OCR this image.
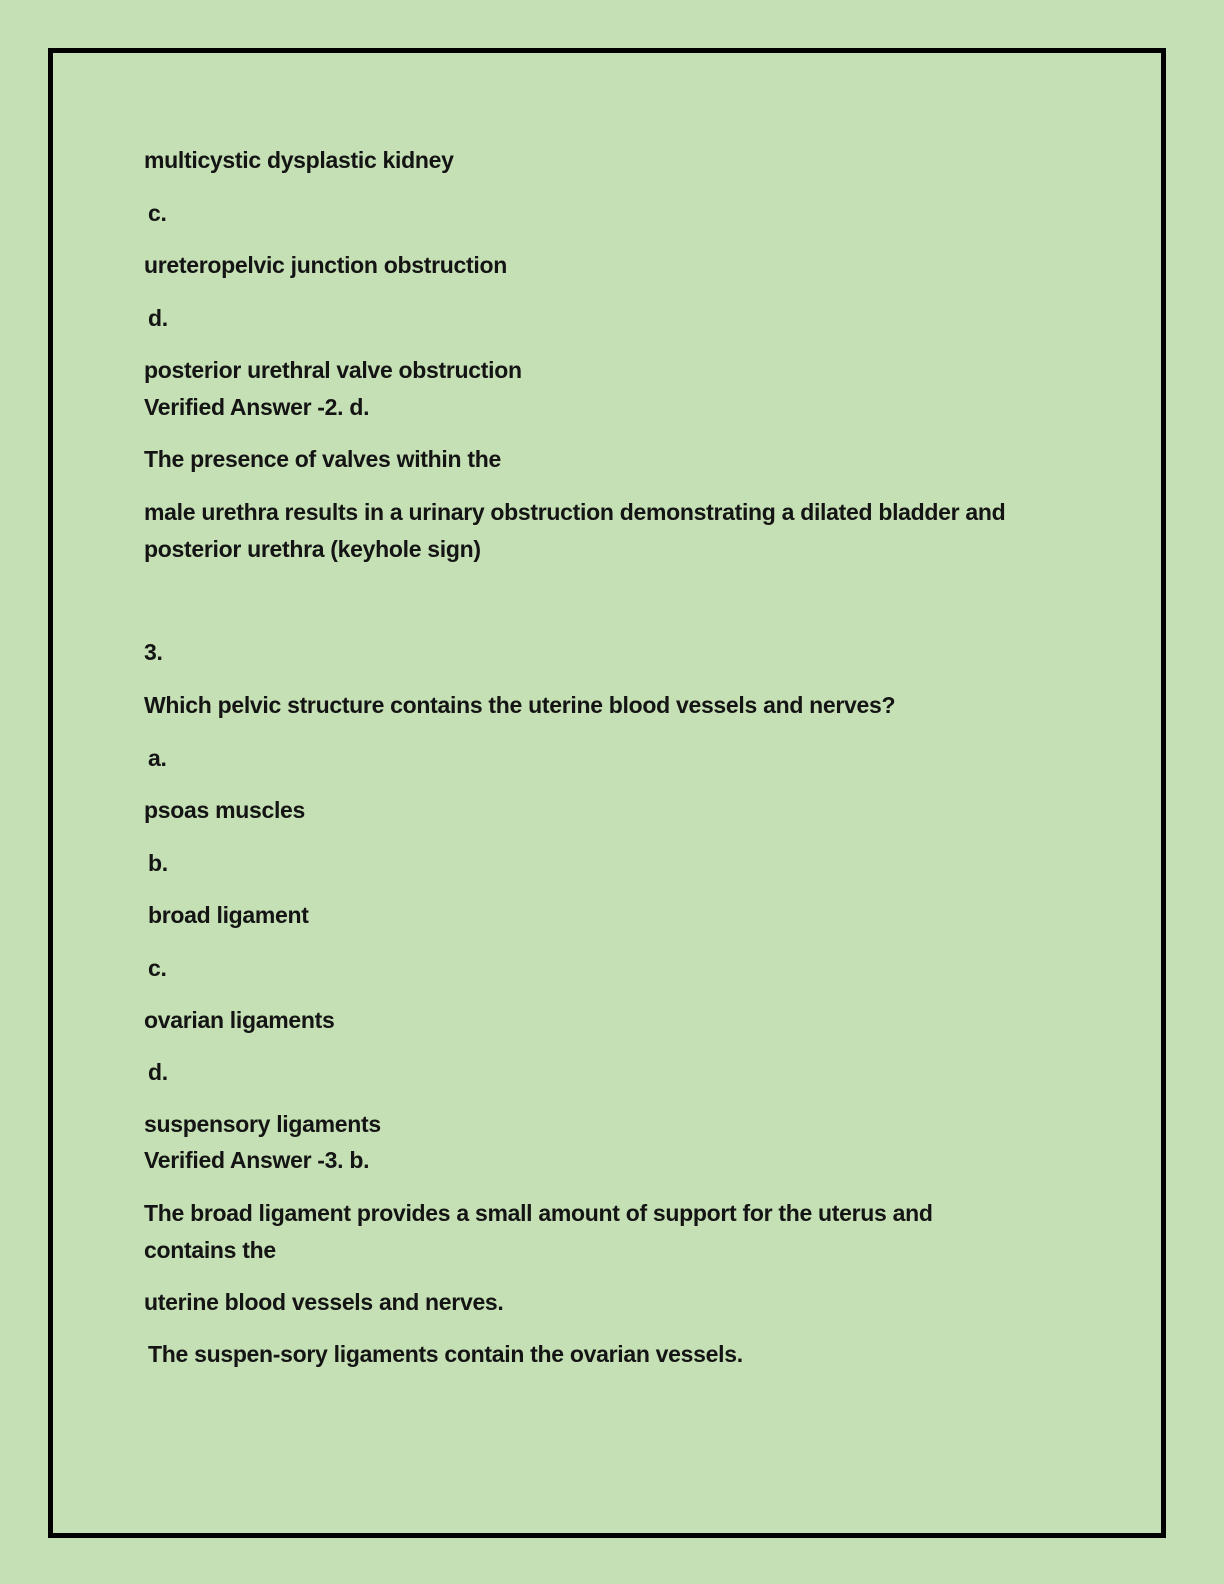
multicystic dysplastic kidney
c.
ureteropelvic junction obstruction
d.
posterior urethral valve obstruction
Verified Answer -2. d.
The presence of valves within the
male urethra results in a urinary obstruction demonstrating a dilated bladder and
posterior urethra (keyhole sign)
3.
Which pelvic structure contains the uterine blood vessels and nerves?
a.
psoas muscles
b.
broad ligament
c.
ovarian ligaments
d.
suspensory ligaments
Verified Answer -3. b.
The broad ligament provides a small amount of support for the uterus and
contains the
uterine blood vessels and nerves.
The suspen-sory ligaments contain the ovarian vessels.
